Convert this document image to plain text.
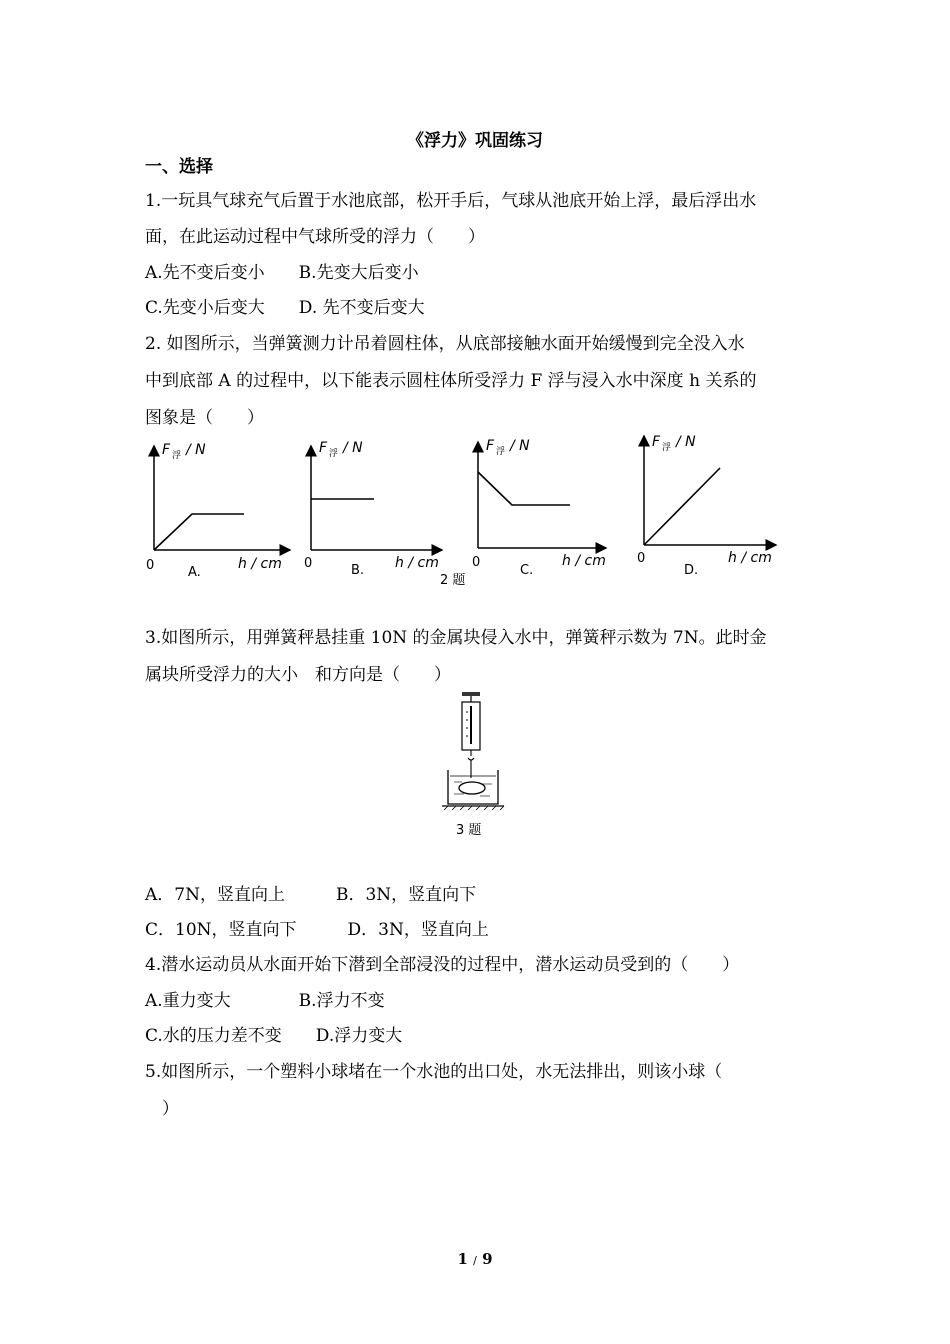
《浮力》巩固练习
一、选择
1.一玩具气球充气后置于水池底部，松开手后，气球从池底开始上浮，最后浮出水
面，在此运动过程中气球所受的浮力（　　）
A.先不变后变小　　B.先变大后变小
C.先变小后变大　　D. 先不变后变大
2. 如图所示，当弹簧测力计吊着圆柱体，从底部接触水面开始缓慢到完全没入水
中到底部 A 的过程中，以下能表示圆柱体所受浮力 F 浮与浸入水中深度 h 关系的
图象是（　　）
F 浮 / N
0	h / cm
A.
F 浮 / N
0	h / cm
B.
F 浮 / N
0	h / cm
C.
2 题
F 浮 / N
0	h / cm
D.
3.如图所示，用弹簧秤悬挂重 10N 的金属块侵入水中，弹簧秤示数为 7N。此时金
属块所受浮力的大小　和方向是（　　）
3 题
A．7N，竖直向上　　　B．3N，竖直向下
C．10N，竖直向下　　　D．3N，竖直向上
4.潜水运动员从水面开始下潜到全部浸没的过程中，潜水运动员受到的（　　）
A.重力变大　　　　B.浮力不变
C.水的压力差不变　　D.浮力变大
5.如图所示，一个塑料小球堵在一个水池的出口处，水无法排出，则该小球（
　）
1 / 9
